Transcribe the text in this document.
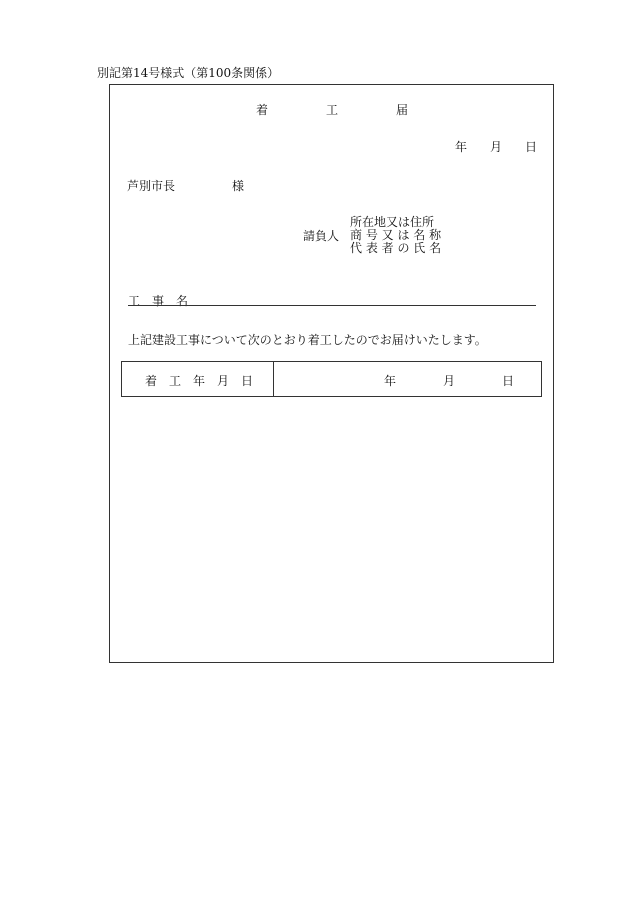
別記第14号様式（第100条関係）
着	工	届
年 月 日
芦別市長	様
請負人
所在地又は住所
商 号 又 は 名 称
代 表 者 の 氏 名
工　事　名
上記建設工事について次のとおり着工したのでお届けいたします。
着　工　年　月　日	年	月	日
